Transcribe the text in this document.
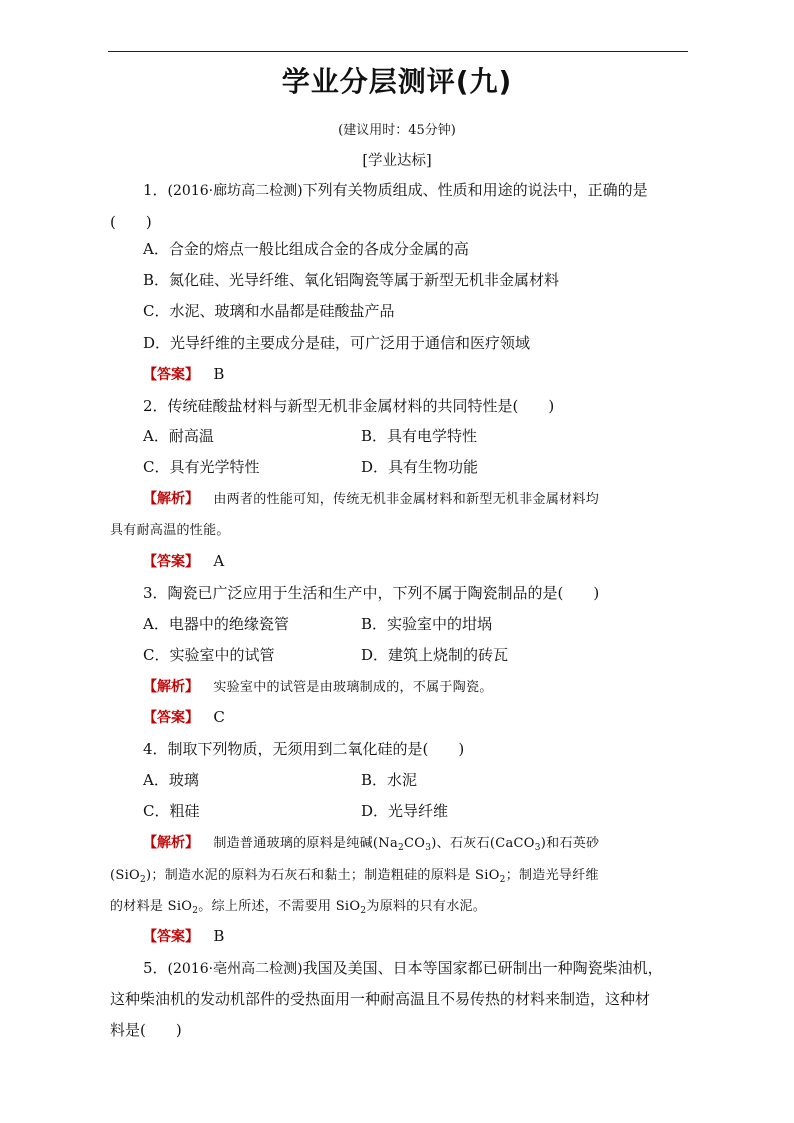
学业分层测评(九)
(建议用时：45分钟)
[学业达标]
1．(2016·廊坊高二检测)下列有关物质组成、性质和用途的说法中，正确的是
(　　)
A．合金的熔点一般比组成合金的各成分金属的高
B．氮化硅、光导纤维、氧化铝陶瓷等属于新型无机非金属材料
C．水泥、玻璃和水晶都是硅酸盐产品
D．光导纤维的主要成分是硅，可广泛用于通信和医疗领域
【答案】 B
2．传统硅酸盐材料与新型无机非金属材料的共同特性是(　　)
A．耐高温	B．具有电学特性
C．具有光学特性	D．具有生物功能
【解析】 由两者的性能可知，传统无机非金属材料和新型无机非金属材料均
具有耐高温的性能。
【答案】 A
3．陶瓷已广泛应用于生活和生产中，下列不属于陶瓷制品的是(　　)
A．电器中的绝缘瓷管	B．实验室中的坩埚
C．实验室中的试管	D．建筑上烧制的砖瓦
【解析】 实验室中的试管是由玻璃制成的，不属于陶瓷。
【答案】 C
4．制取下列物质，无须用到二氧化硅的是(　　)
A．玻璃	B．水泥
C．粗硅	D．光导纤维
【解析】 制造普通玻璃的原料是纯碱$(Na_2CO_3)$、石灰石(CaCO$_3$)和石英砂
(SiO$_2$)；制造水泥的原料为石灰石和黏土；制造粗硅的原料是 SiO$_2$；制造光导纤维
的材料是 SiO$_2$。综上所述，不需要用 SiO$_2$为原料的只有水泥。
【答案】 B
5．(2016·亳州高二检测)我国及美国、日本等国家都已研制出一种陶瓷柴油机，
这种柴油机的发动机部件的受热面用一种耐高温且不易传热的材料来制造，这种材
料是(　　)
